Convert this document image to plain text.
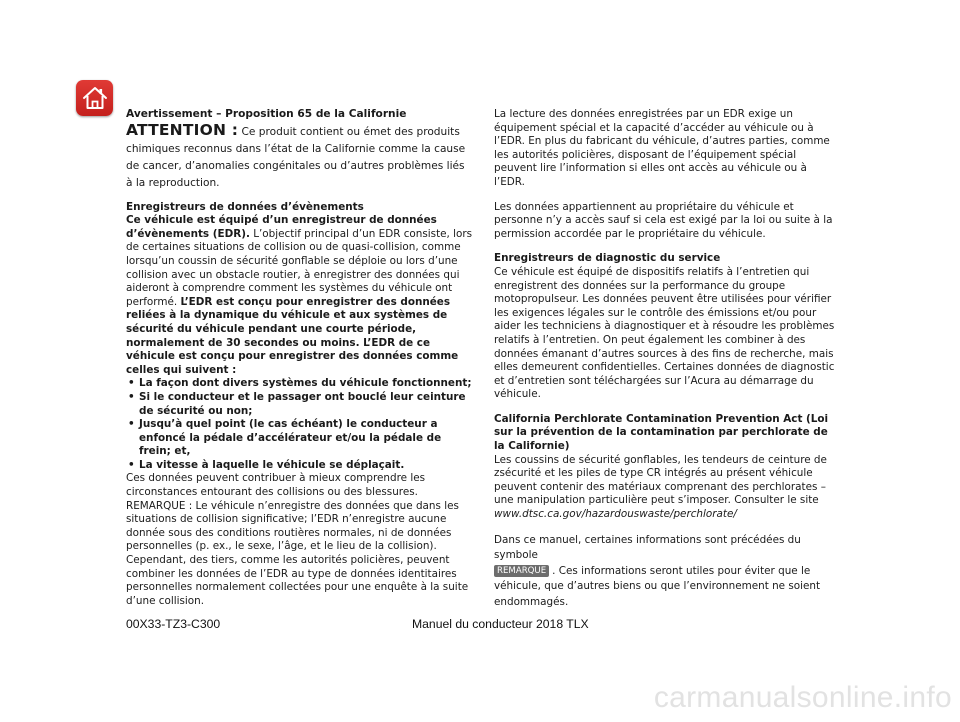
Avertissement – Proposition 65 de la Californie

ATTENTION : Ce produit contient ou émet des produits chimiques reconnus dans l’état de la Californie comme la cause de cancer, d’anomalies congénitales ou d’autres problèmes liés à la reproduction.

Enregistreurs de données d’évènements

Ce véhicule est équipé d’un enregistreur de données d’évènements (EDR). L’objectif principal d’un EDR consiste, lors de certaines situations de collision ou de quasi-collision, comme lorsqu’un coussin de sécurité gonflable se déploie ou lors d’une collision avec un obstacle routier, à enregistrer des données qui aideront à comprendre comment les systèmes du véhicule ont performé. L’EDR est conçu pour enregistrer des données reliées à la dynamique du véhicule et aux systèmes de sécurité du véhicule pendant une courte période, normalement de 30 secondes ou moins. L’EDR de ce véhicule est conçu pour enregistrer des données comme celles qui suivent :

• La façon dont divers systèmes du véhicule fonctionnent;
• Si le conducteur et le passager ont bouclé leur ceinture de sécurité ou non;
• Jusqu’à quel point (le cas échéant) le conducteur a enfoncé la pédale d’accélérateur et/ou la pédale de frein; et,
• La vitesse à laquelle le véhicule se déplaçait.

Ces données peuvent contribuer à mieux comprendre les circonstances entourant des collisions ou des blessures. REMARQUE : Le véhicule n’enregistre des données que dans les situations de collision significative; l’EDR n’enregistre aucune donnée sous des conditions routières normales, ni de données personnelles (p. ex., le sexe, l’âge, et le lieu de la collision). Cependant, des tiers, comme les autorités policières, peuvent combiner les données de l’EDR au type de données identitaires personnelles normalement collectées pour une enquête à la suite d’une collision.

La lecture des données enregistrées par un EDR exige un équipement spécial et la capacité d’accéder au véhicule ou à l’EDR. En plus du fabricant du véhicule, d’autres parties, comme les autorités policières, disposant de l’équipement spécial peuvent lire l’information si elles ont accès au véhicule ou à l’EDR.

Les données appartiennent au propriétaire du véhicule et personne n’y a accès sauf si cela est exigé par la loi ou suite à la permission accordée par le propriétaire du véhicule.

Enregistreurs de diagnostic du service

Ce véhicule est équipé de dispositifs relatifs à l’entretien qui enregistrent des données sur la performance du groupe motopropulseur. Les données peuvent être utilisées pour vérifier les exigences légales sur le contrôle des émissions et/ou pour aider les techniciens à diagnostiquer et à résoudre les problèmes relatifs à l’entretien. On peut également les combiner à des données émanant d’autres sources à des fins de recherche, mais elles demeurent confidentielles. Certaines données de diagnostic et d’entretien sont téléchargées sur l’Acura au démarrage du véhicule.

California Perchlorate Contamination Prevention Act (Loi sur la prévention de la contamination par perchlorate de la Californie)

Les coussins de sécurité gonflables, les tendeurs de ceinture de zsécurité et les piles de type CR intégrés au présent véhicule peuvent contenir des matériaux comprenant des perchlorates – une manipulation particulière peut s’imposer. Consulter le site

www.dtsc.ca.gov/hazardouswaste/perchlorate/

Dans ce manuel, certaines informations sont précédées du symbole
REMARQUE . Ces informations seront utiles pour éviter que le véhicule, que d’autres biens ou que l’environnement ne soient endommagés.

00X33-TZ3-C300	Manuel du conducteur 2018 TLX
carmanualsonline.info
